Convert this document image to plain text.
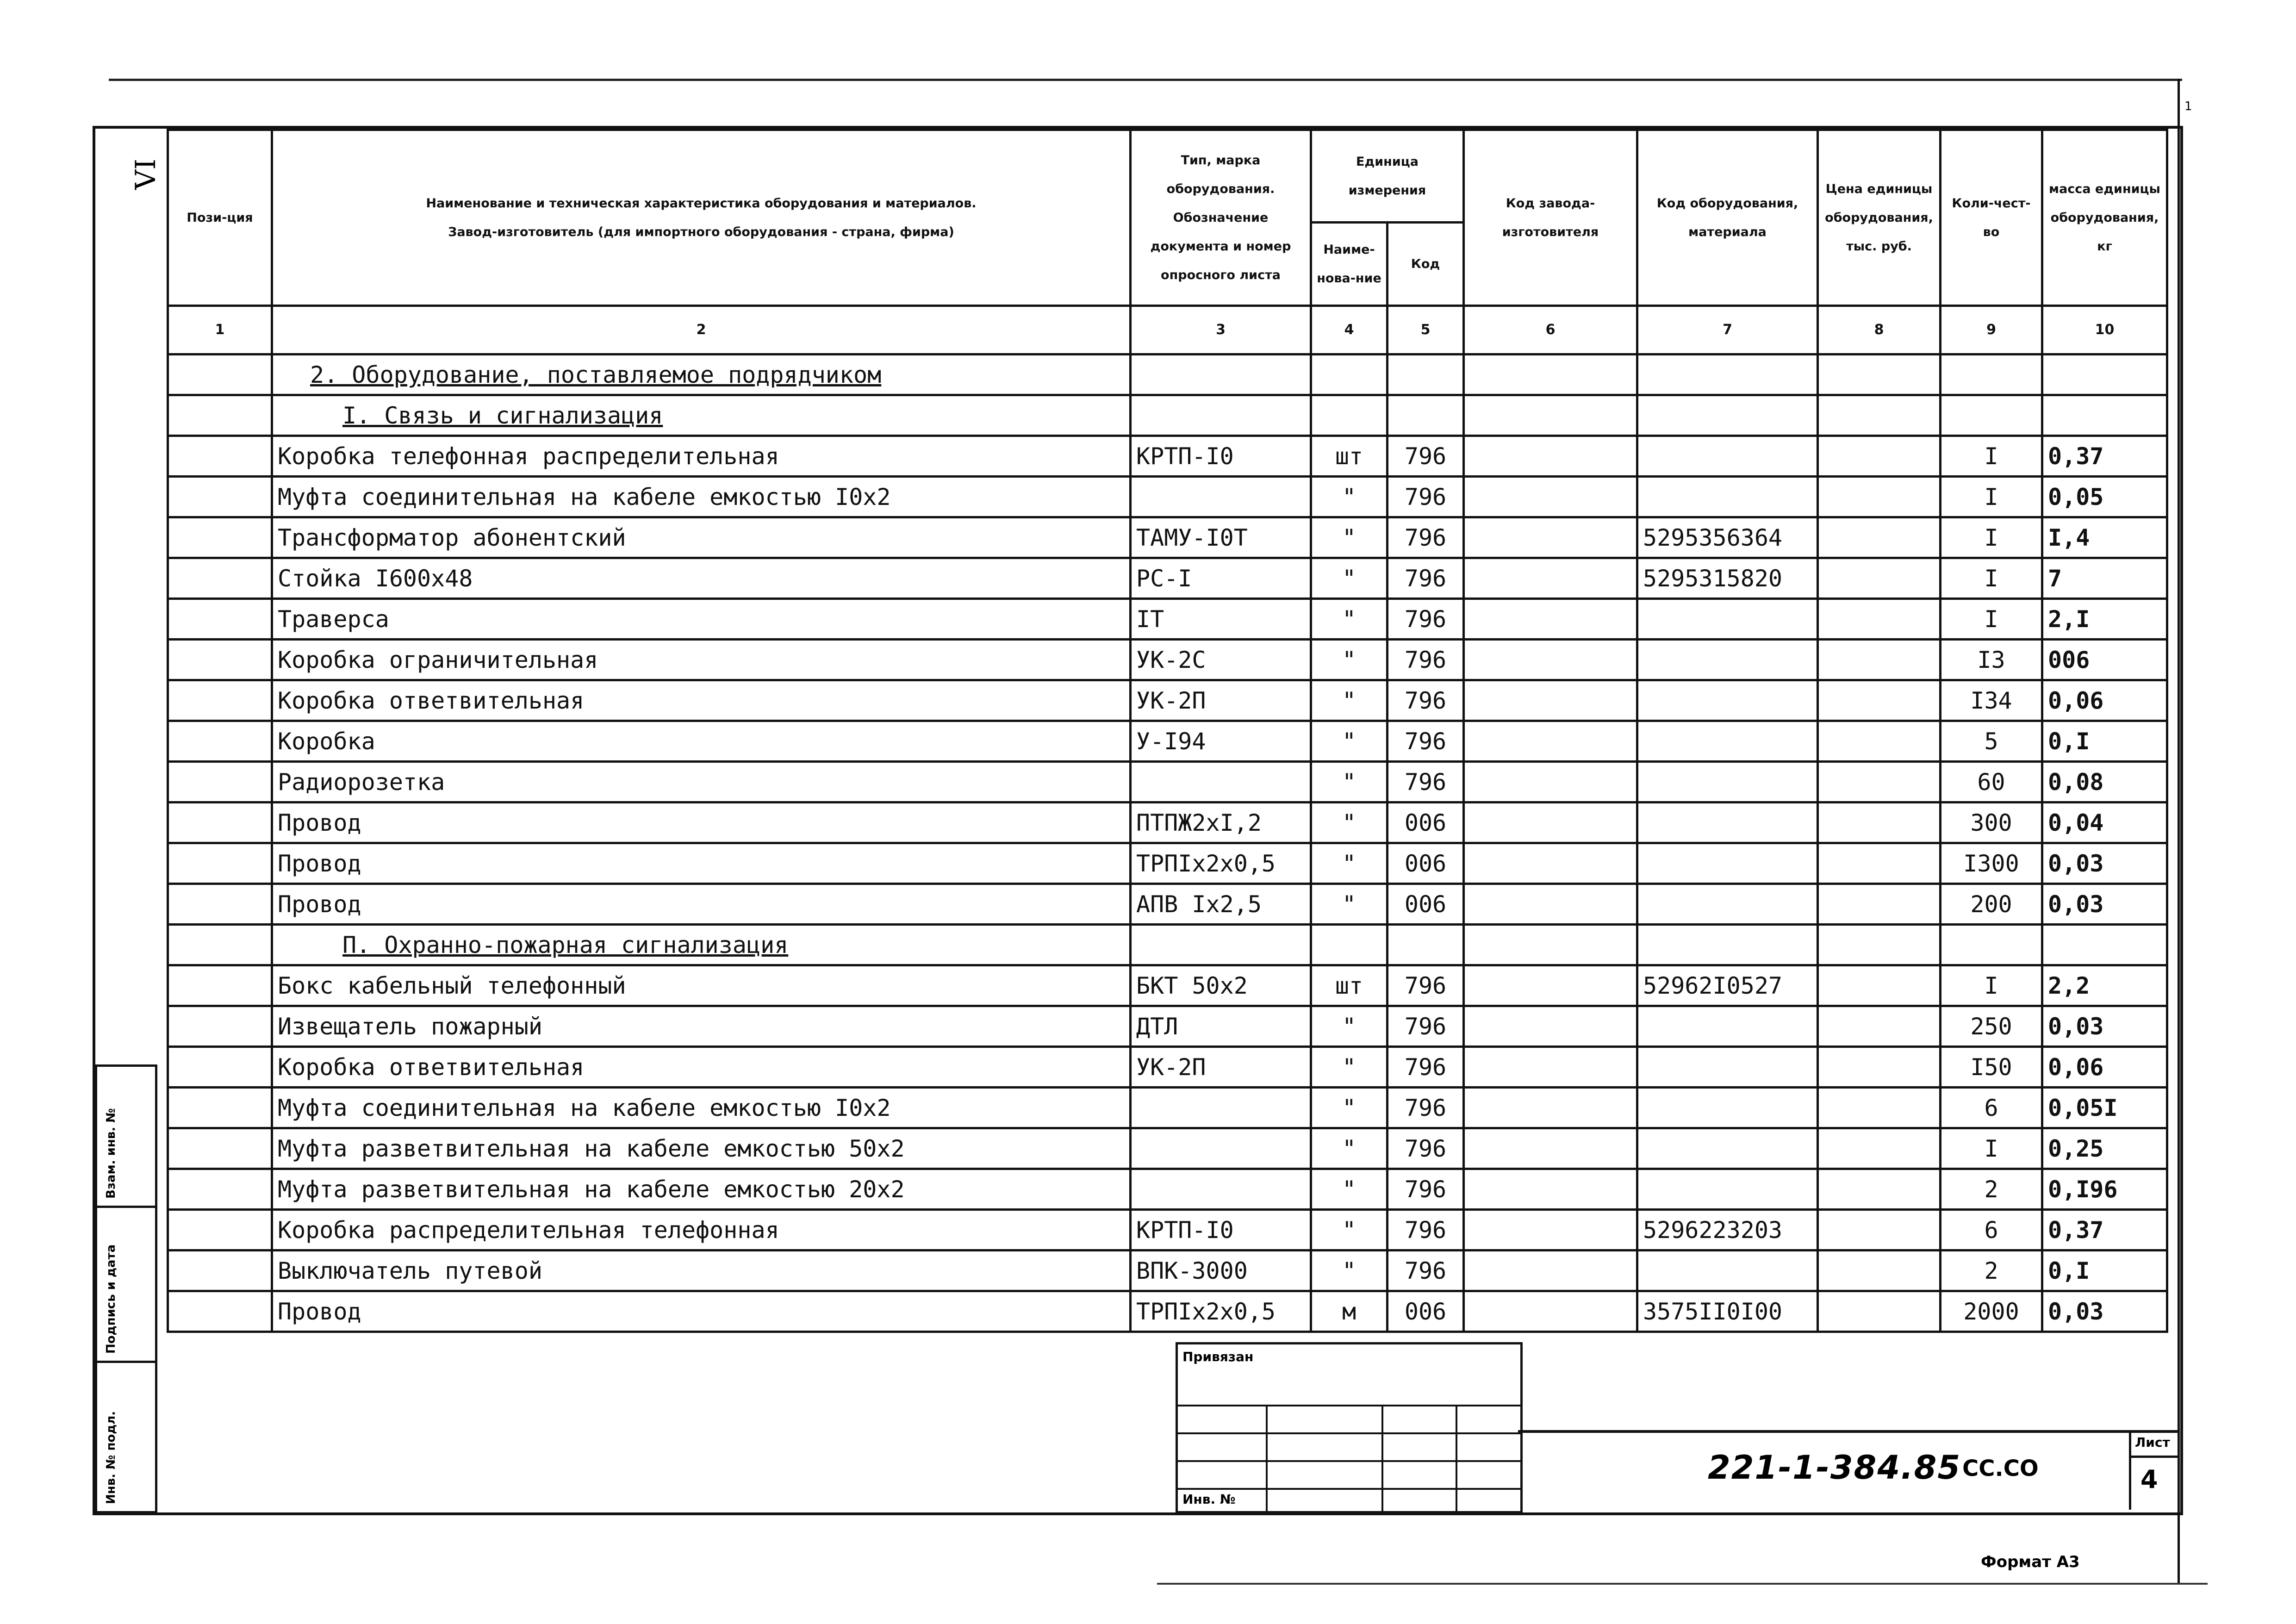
1
VI
Пози-ция	Наименование и техническая характеристика оборудования и материалов.
Завод-изготовитель (для импортного оборудования - страна, фирма)	Тип, марка оборудования. Обозначение документа и номер опросного листа	Единица измерения		Код завода-изготовителя	Код оборудования, материала	Цена единицы оборудования, тыс. руб.	Коли-чест-во	масса единицы оборудования, кг
			Наиме-нова-ние	Код					
1	2	3	4	5	6	7	8	9	10
	2. Оборудование, поставляемое подрядчиком								
	I. Связь и сигнализация								
	Коробка телефонная распределительная	КРТП-I0	шт	796				I	0,37
	Муфта соединительная на кабеле емкостью I0x2		"	796				I	0,05
	Трансформатор абонентский	ТАМУ-I0Т	"	796		5295356364		I	I,4
	Стойка I600x48	РС-I	"	796		5295315820		I	7
	Траверса	IТ	"	796				I	2,I
	Коробка ограничительная	УК-2С	"	796				I3	006
	Коробка ответвительная	УК-2П	"	796				I34	0,06
	Коробка	У-I94	"	796				5	0,I
	Радиорозетка		"	796				60	0,08
	Провод	ПТПЖ2xI,2	"	006				300	0,04
	Провод	ТРПIx2x0,5	"	006				I300	0,03
	Провод	АПВ Ix2,5	"	006				200	0,03
	П. Охранно-пожарная сигнализация								
	Бокс кабельный телефонный	БКТ 50x2	шт	796		52962I0527		I	2,2
	Извещатель пожарный	ДТЛ	"	796				250	0,03
	Коробка ответвительная	УК-2П	"	796				I50	0,06
	Муфта соединительная на кабеле емкостью I0x2		"	796				6	0,05I
	Муфта разветвительная на кабеле емкостью 50x2		"	796				I	0,25
	Муфта разветвительная на кабеле емкостью 20x2		"	796				2	0,I96
	Коробка распределительная телефонная	КРТП-I0	"	796		5296223203		6	0,37
	Выключатель путевой	ВПК-3000	"	796				2	0,I
	Провод	ТРПIx2x0,5	м	006		3575II0I00		2000	0,03
Взам. инв. №
Подпись и дата
Инв. № подл.
Привязан
Инв. №
221-1-384.85 СС.СО
Лист
4
Формат А3
